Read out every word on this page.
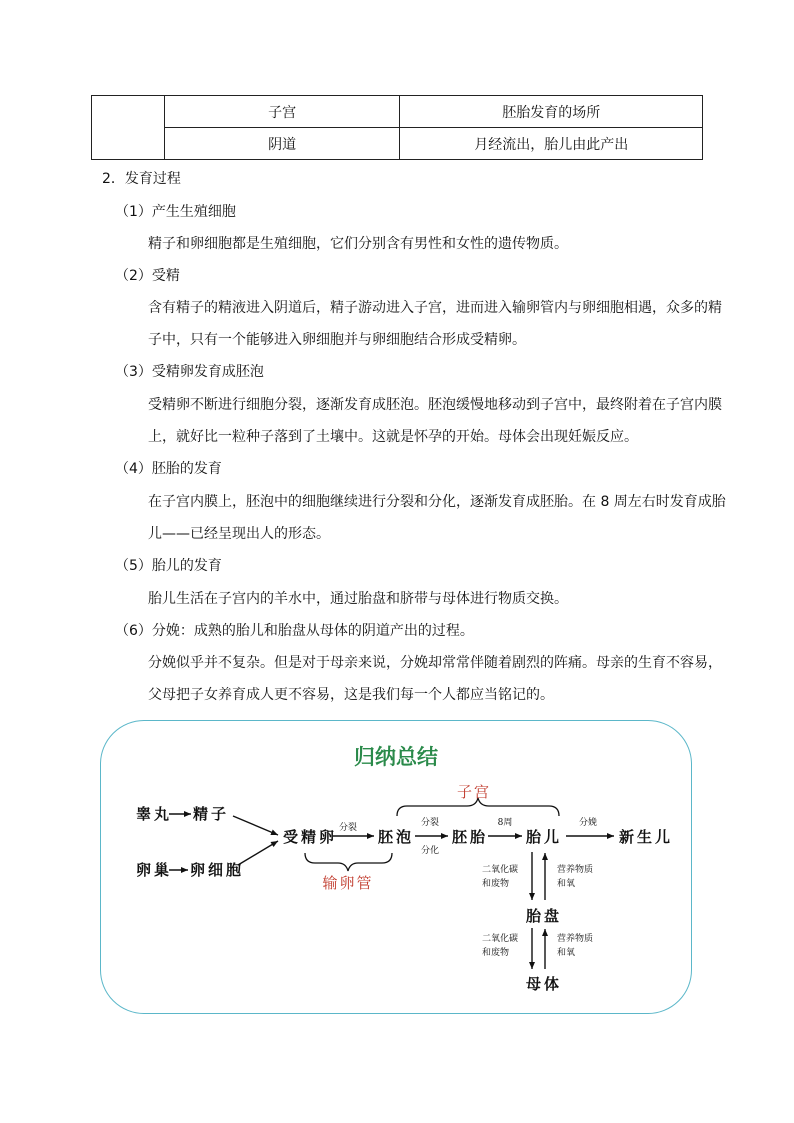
	子宫	胚胎发育的场所
	阴道	月经流出，胎儿由此产出
2．发育过程
（1）产生生殖细胞
精子和卵细胞都是生殖细胞，它们分别含有男性和女性的遗传物质。
（2）受精
含有精子的精液进入阴道后，精子游动进入子宫，进而进入输卵管内与卵细胞相遇，众多的精
子中，只有一个能够进入卵细胞并与卵细胞结合形成受精卵。
（3）受精卵发育成胚泡
受精卵不断进行细胞分裂，逐渐发育成胚泡。胚泡缓慢地移动到子宫中，最终附着在子宫内膜
上，就好比一粒种子落到了土壤中。这就是怀孕的开始。母体会出现妊娠反应。
（4）胚胎的发育
在子宫内膜上，胚泡中的细胞继续进行分裂和分化，逐渐发育成胚胎。在 8 周左右时发育成胎
儿——已经呈现出人的形态。
（5）胎儿的发育
胎儿生活在子宫内的羊水中，通过胎盘和脐带与母体进行物质交换。
（6）分娩：成熟的胎儿和胎盘从母体的阴道产出的过程。
分娩似乎并不复杂。但是对于母亲来说，分娩却常常伴随着剧烈的阵痛。母亲的生育不容易，
父母把子女养育成人更不容易，这是我们每一个人都应当铭记的。
归纳总结
睾丸 精子
卵巢 卵细胞
受精卵	胚泡	胚胎	胎儿	新生儿
胎盘
母体
子宫
输卵管
分裂	分裂
分化
8周	分娩
二氧化碳
和废物
营养物质
和氧
二氧化碳
和废物
营养物质
和氧
